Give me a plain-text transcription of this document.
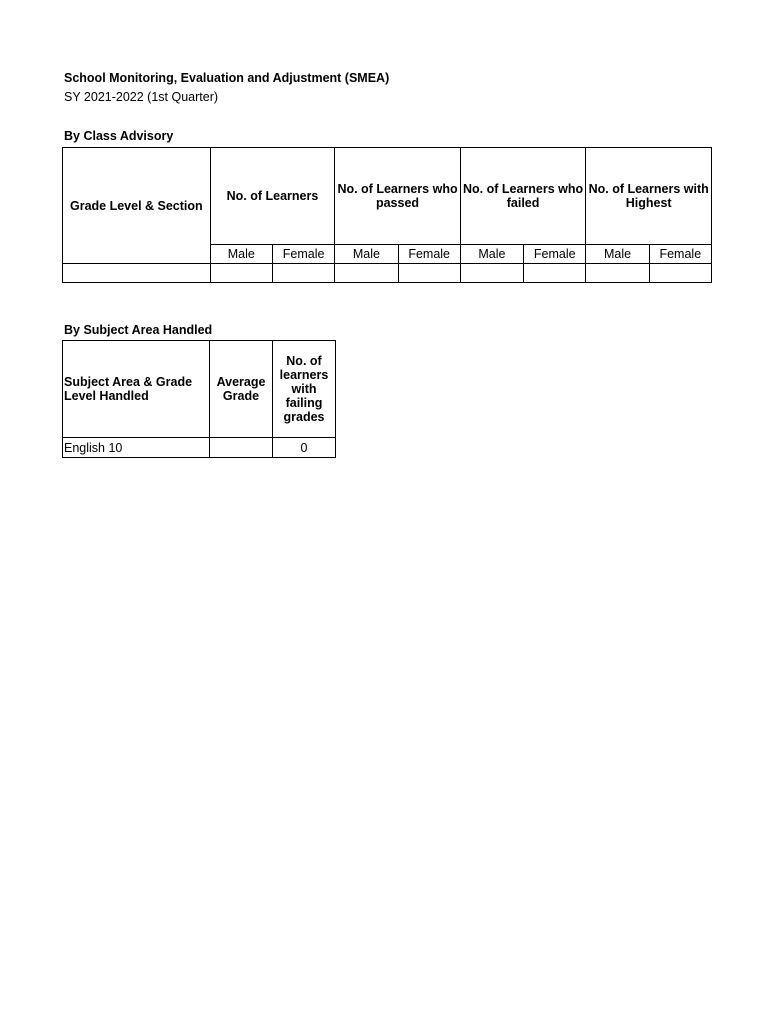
School Monitoring, Evaluation and Adjustment (SMEA)
SY 2021-2022 (1st Quarter)
By Class Advisory
Grade Level & Section	No. of Learners		No. of Learners who passed		No. of Learners who failed		No. of Learners with Highest	
	Male	Female	Male	Female	Male	Female	Male	Female

By Subject Area Handled
Subject Area & Grade Level Handled	Average Grade	No. of learners with failing grades
English 10		0
